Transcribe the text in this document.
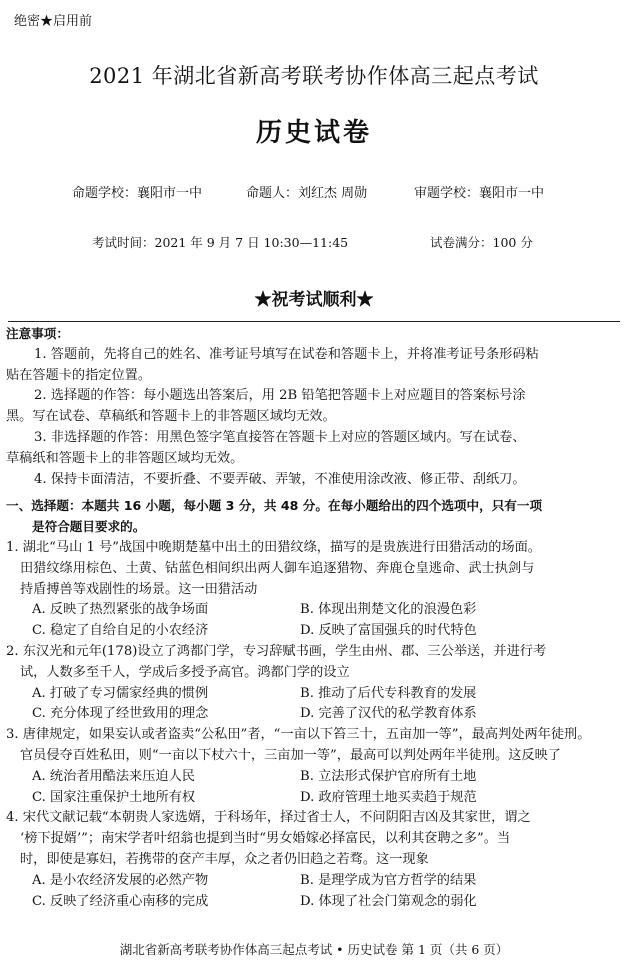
绝密★启用前
2021 年湖北省新高考联考协作体高三起点考试
历史试卷
命题学校：襄阳市一中	命题人：刘红杰 周勋	审题学校：襄阳市一中
考试时间：2021 年 9 月 7 日 10:30—11:45	试卷满分：100 分
★祝考试顺利★
注意事项：
1. 答题前，先将自己的姓名、准考证号填写在试卷和答题卡上，并将准考证号条形码粘
贴在答题卡的指定位置。
2. 选择题的作答：每小题选出答案后，用 2B 铅笔把答题卡上对应题目的答案标号涂
黑。写在试卷、草稿纸和答题卡上的非答题区域均无效。
3. 非选择题的作答：用黑色签字笔直接答在答题卡上对应的答题区域内。写在试卷、
草稿纸和答题卡上的非答题区域均无效。
4. 保持卡面清洁，不要折叠、不要弄破、弄皱，不准使用涂改液、修正带、刮纸刀。
一、选择题：本题共 16 小题，每小题 3 分，共 48 分。在每小题给出的四个选项中，只有一项
是符合题目要求的。
1. 湖北“马山 1 号”战国中晚期楚墓中出土的田猎纹绦，描写的是贵族进行田猎活动的场面。
田猎纹绦用棕色、土黄、钴蓝色相间织出两人御车追逐猎物、奔鹿仓皇逃命、武士执剑与
持盾搏兽等戏剧性的场景。这一田猎活动
A. 反映了热烈紧张的战争场面	B. 体现出荆楚文化的浪漫色彩
C. 稳定了自给自足的小农经济	D. 反映了富国强兵的时代特色
2. 东汉光和元年(178)设立了鸿都门学，专习辞赋书画，学生由州、郡、三公举送，并进行考
试，人数多至千人，学成后多授予高官。鸿都门学的设立
A. 打破了专习儒家经典的惯例	B. 推动了后代专科教育的发展
C. 充分体现了经世致用的理念	D. 完善了汉代的私学教育体系
3. 唐律规定，如果妄认或者盗卖“公私田”者，“一亩以下笞三十，五亩加一等”，最高判处两年徒刑。
官员侵夺百姓私田，则“一亩以下杖六十，三亩加一等”，最高可以判处两年半徒刑。这反映了
A. 统治者用酷法来压迫人民	B. 立法形式保护官府所有土地
C. 国家注重保护土地所有权	D. 政府管理土地买卖趋于规范
4. 宋代文献记载“本朝贵人家选婿，于科场年，择过省士人，不问阴阳吉凶及其家世，谓之
‘榜下捉婿’”；南宋学者叶绍翁也提到当时“男女婚嫁必择富民，以利其奁聘之多”。当
时，即使是寡妇，若携带的奁产丰厚，众之者仍旧趋之若骛。这一现象
A. 是小农经济发展的必然产物	B. 是理学成为官方哲学的结果
C. 反映了经济重心南移的完成	D. 体现了社会门第观念的弱化
湖北省新高考联考协作体高三起点考试 • 历史试卷 第 1 页（共 6 页）
